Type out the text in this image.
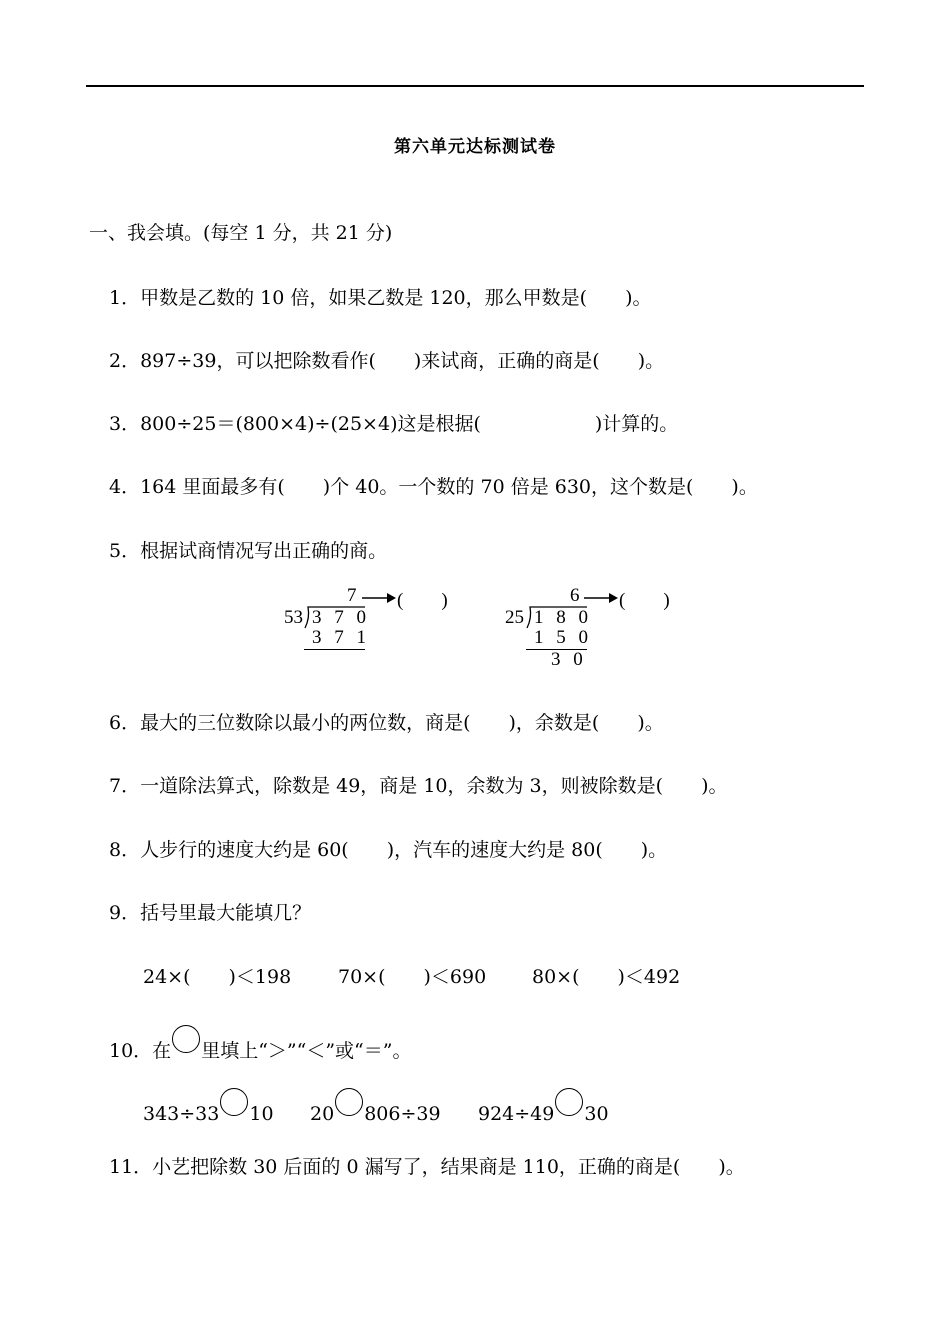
第六单元达标测试卷
一、我会填。(每空 1 分，共 21 分)
1．甲数是乙数的 10 倍，如果乙数是 120，那么甲数是(　　)。
2．897÷39，可以把除数看作(　　)来试商，正确的商是(　　)。
3．800÷25＝(800×4)÷(25×4)这是根据(　　　　　　)计算的。
4．164 里面最多有(　　)个 40。一个数的 70 倍是 630，这个数是(　　)。
5．根据试商情况写出正确的商。
7 (　　)
53 3 7 0
3 7 1
6 (　　)
25 1 8 0
1 5 0
3 0
6．最大的三位数除以最小的两位数，商是(　　)，余数是(　　)。
7．一道除法算式，除数是 49，商是 10，余数为 3，则被除数是(　　)。
8．人步行的速度大约是 60(　　)，汽车的速度大约是 80(　　)。
9．括号里最大能填几？
24×(　　)＜198 70×(　　)＜690 80×(　　)＜492
10．在 里填上“＞”“＜”或“＝”。
343÷33 10 20 806÷39 924÷49 30
11．小艺把除数 30 后面的 0 漏写了，结果商是 110，正确的商是(　　)。
